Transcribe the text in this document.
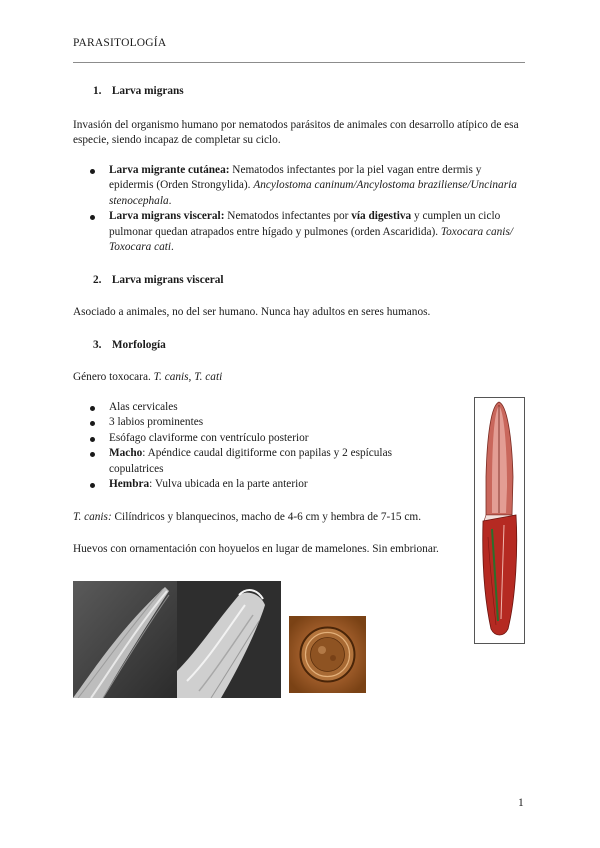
PARASITOLOGÍA
1. Larva migrans

Invasión del organismo humano por nematodos parásitos de animales con desarrollo atípico de esa especie, siendo incapaz de completar su ciclo.

Larva migrante cutánea: Nematodos infectantes por la piel vagan entre dermis y epidermis (Orden Strongylida). Ancylostoma caninum/Ancylostoma braziliense/Uncinaria stenocephala.
Larva migrans visceral: Nematodos infectantes por vía digestiva y cumplen un ciclo pulmonar quedan atrapados entre hígado y pulmones (orden Ascaridida). Toxocara canis/ Toxocara cati.
2. Larva migrans visceral

Asociado a animales, no del ser humano. Nunca hay adultos en seres humanos.

3. Morfología

Género toxocara. T. canis, T. cati

Alas cervicales
3 labios prominentes
Esófago claviforme con ventrículo posterior
Macho: Apéndice caudal digitiforme con papilas y 2 espículas copulatrices
Hembra: Vulva ubicada en la parte anterior

T. canis: Cilíndricos y blanquecinos, macho de 4-6 cm y hembra de 7-15 cm.

Huevos con ornamentación con hoyuelos en lugar de mamelones. Sin embrionar.

1
